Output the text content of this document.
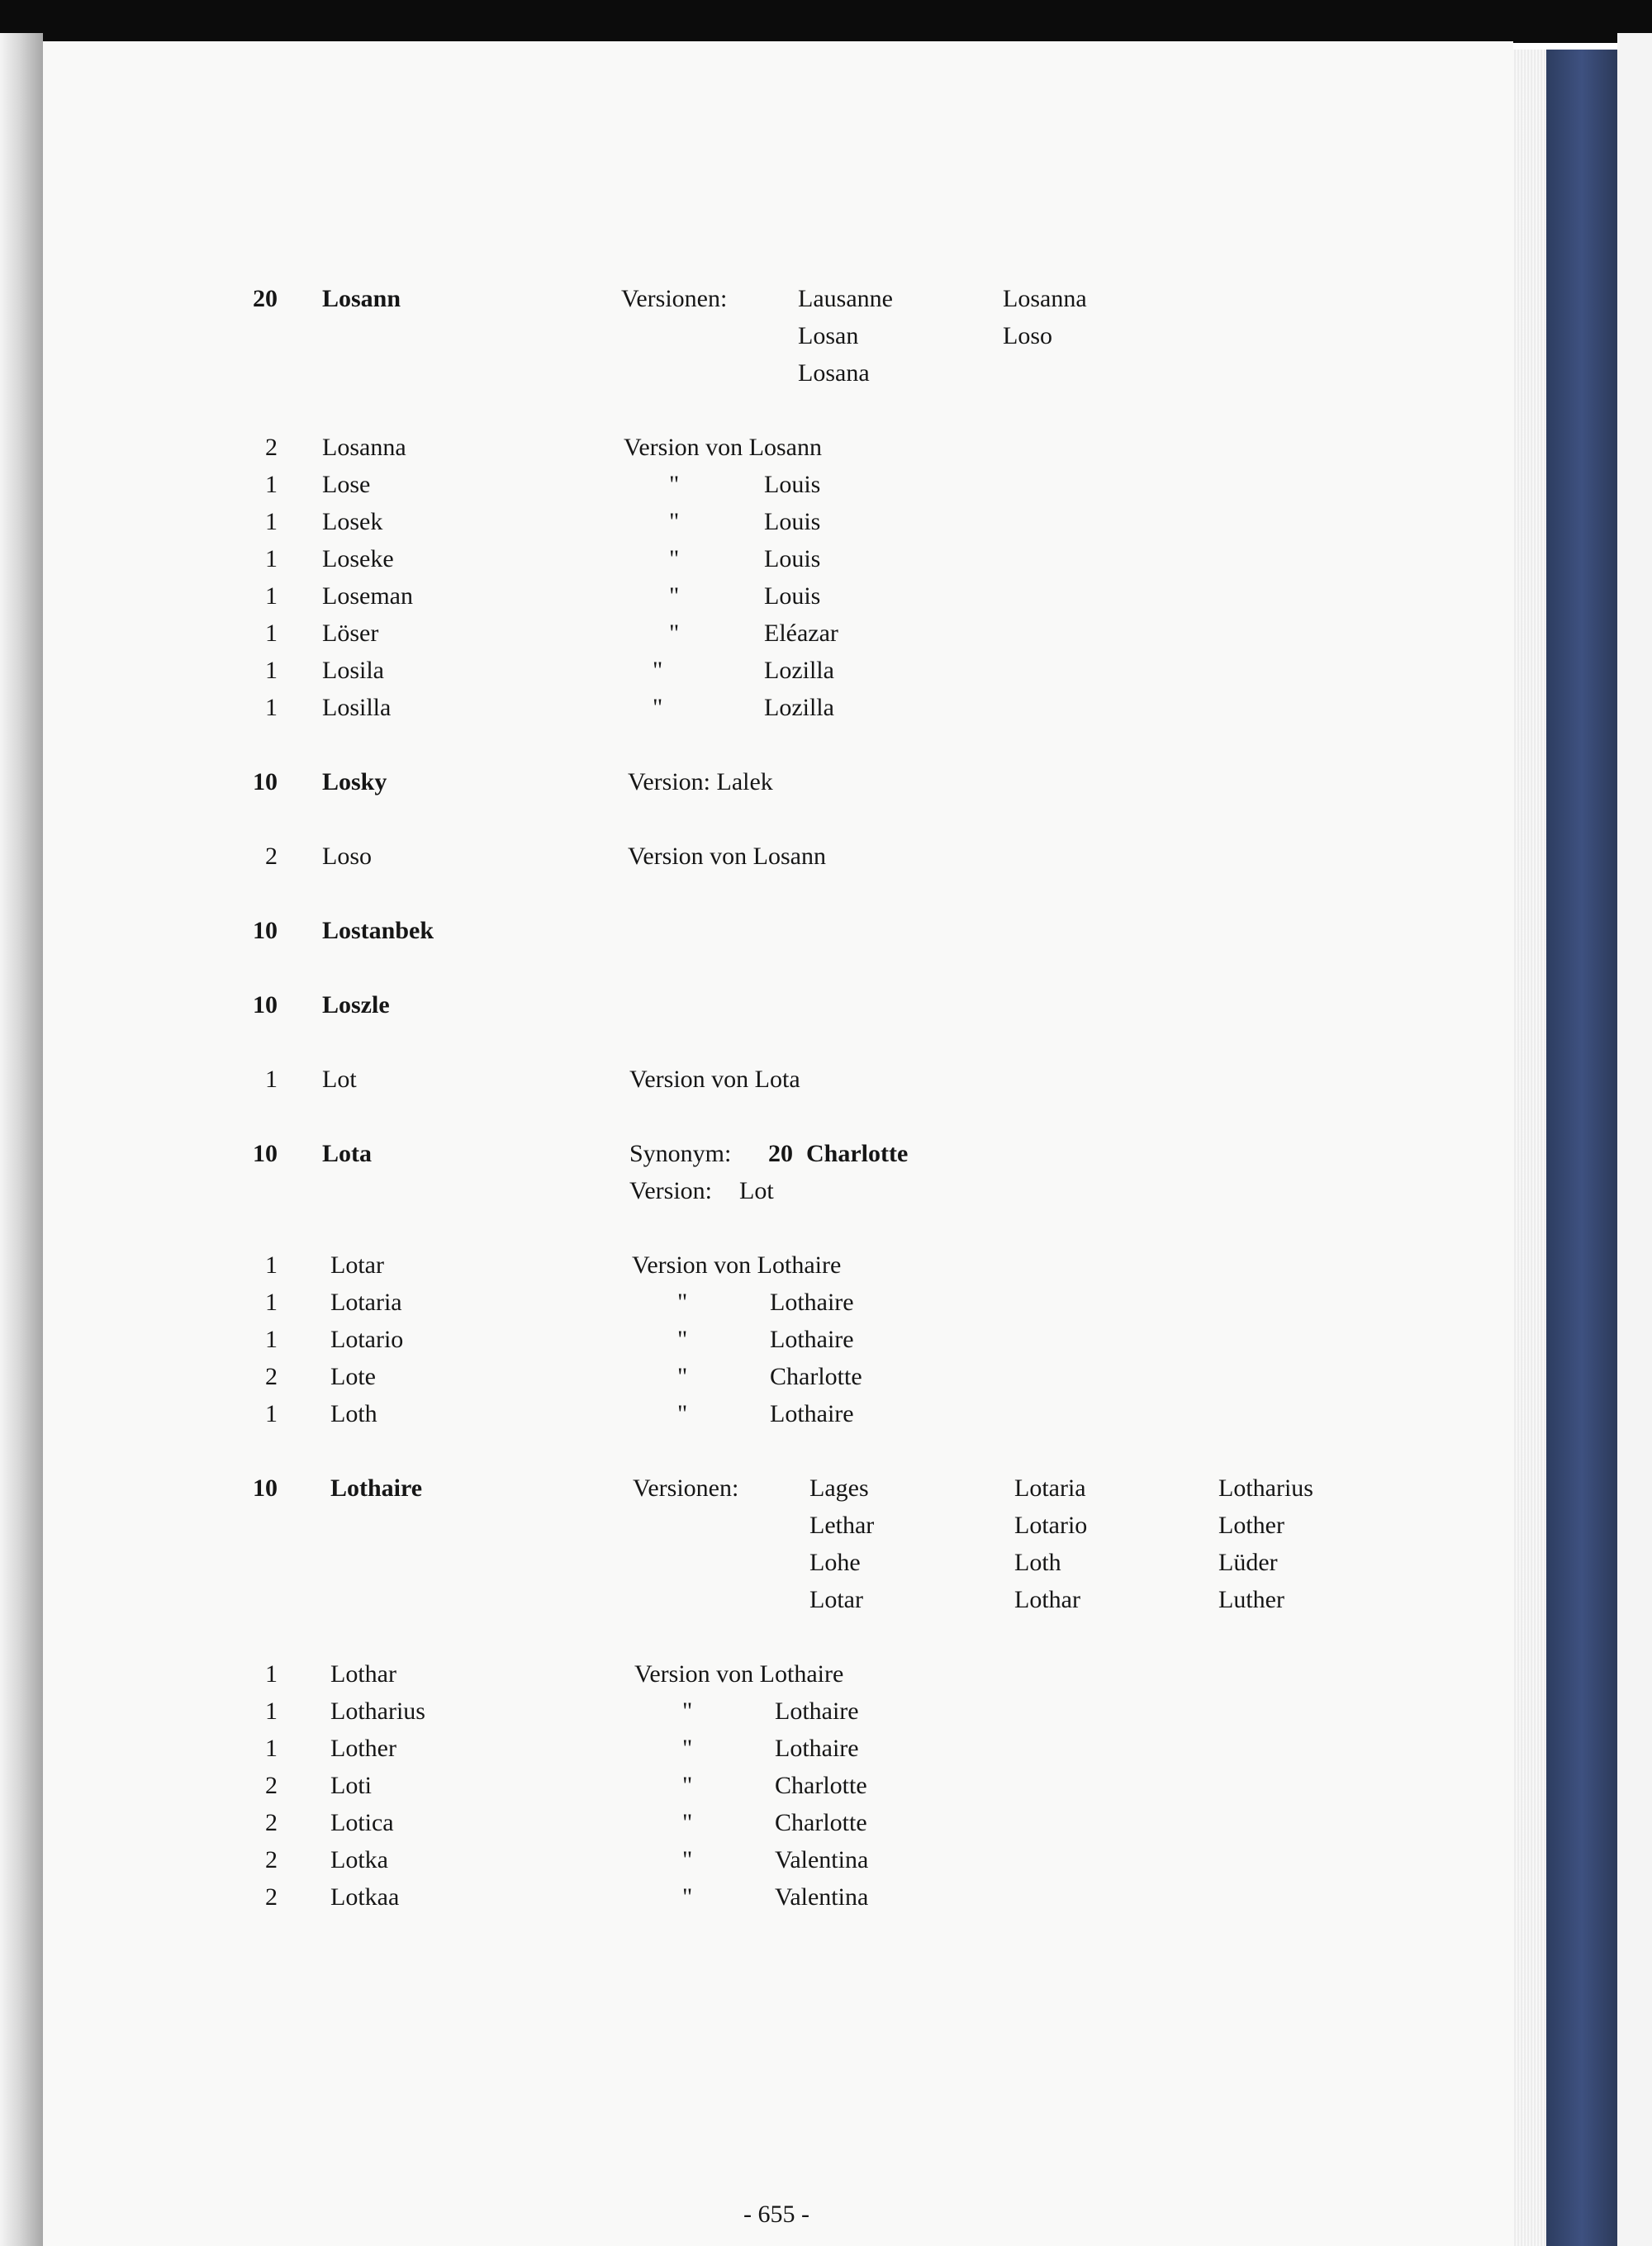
20 Losann	Versionen:	Lausanne	Losanna
Losan	Loso
Losana
2 Losanna	Version von Losann
1 Lose	"	Louis
1 Losek	"	Louis
1 Loseke	"	Louis
1 Loseman	"	Louis
1 Löser	"	Eléazar
1 Losila	"	Lozilla
1 Losilla	"	Lozilla
10 Losky	Version: Lalek
2 Loso	Version von Losann
10 Lostanbek
10 Loszle
1 Lot	Version von Lota
10 Lota	Synonym: 20 Charlotte
Version: Lot
1 Lotar	Version von Lothaire
1 Lotaria	"	Lothaire
1 Lotario	"	Lothaire
2 Lote	"	Charlotte
1 Loth	"	Lothaire
10 Lothaire	Versionen:	Lages	Lotaria	Lotharius
Lethar	Lotario	Lother
Lohe	Loth	Lüder
Lotar	Lothar	Luther
1 Lothar	Version von Lothaire
1 Lotharius	"	Lothaire
1 Lother	"	Lothaire
2 Loti	"	Charlotte
2 Lotica	"	Charlotte
2 Lotka	"	Valentina
2 Lotkaa	"	Valentina
- 655 -
